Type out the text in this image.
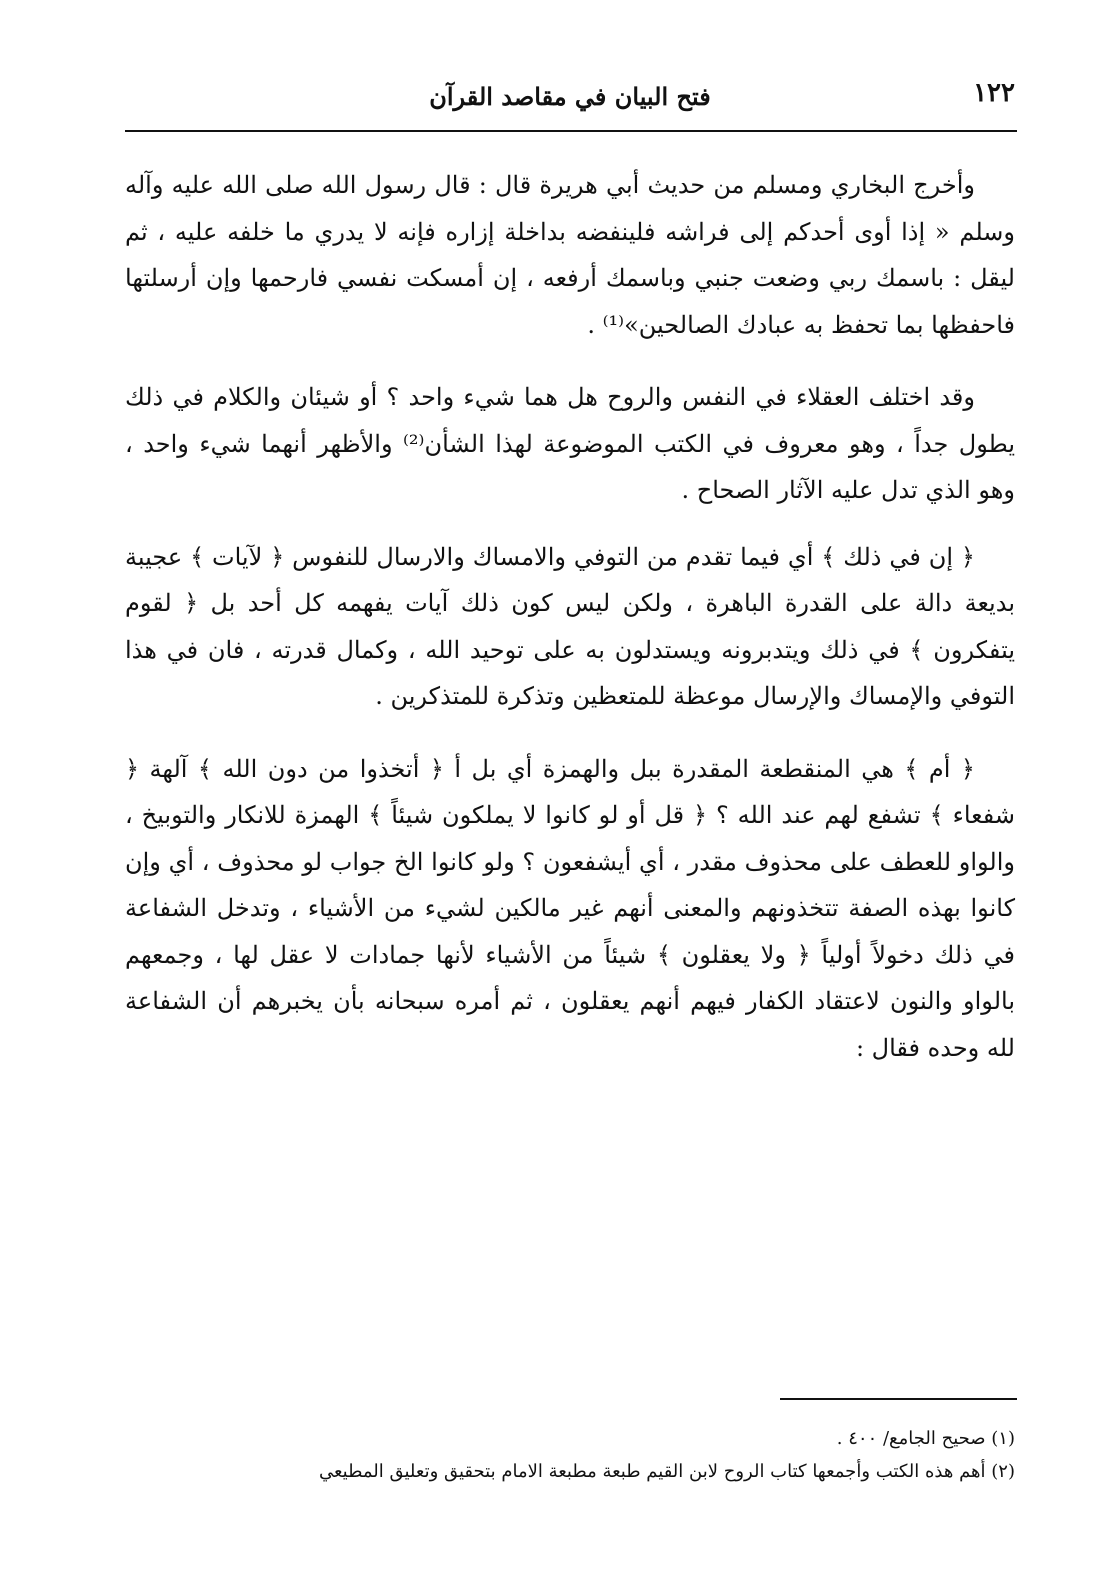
١٢٢
فتح البيان في مقاصد القرآن

وأخرج البخاري ومسلم من حديث أبي هريرة قال : قال رسول الله صلى الله عليه وآله وسلم « إذا أوى أحدكم إلى فراشه فلينفضه بداخلة إزاره فإنه لا يدري ما خلفه عليه ، ثم ليقل : باسمك ربي وضعت جنبي وباسمك أرفعه ، إن أمسكت نفسي فارحمها وإن أرسلتها فاحفظها بما تحفظ به عبادك الصالحين»⁽¹⁾ .

وقد اختلف العقلاء في النفس والروح هل هما شيء واحد ؟ أو شيئان والكلام في ذلك يطول جداً ، وهو معروف في الكتب الموضوعة لهذا الشأن⁽²⁾ والأظهر أنهما شيء واحد ، وهو الذي تدل عليه الآثار الصحاح .

﴿ إن في ذلك ﴾ أي فيما تقدم من التوفي والامساك والارسال للنفوس ﴿ لآيات ﴾ عجيبة بديعة دالة على القدرة الباهرة ، ولكن ليس كون ذلك آيات يفهمه كل أحد بل ﴿ لقوم يتفكرون ﴾ في ذلك ويتدبرونه ويستدلون به على توحيد الله ، وكمال قدرته ، فان في هذا التوفي والإمساك والإرسال موعظة للمتعظين وتذكرة للمتذكرين .

﴿ أم ﴾ هي المنقطعة المقدرة ببل والهمزة أي بل أ ﴿ أتخذوا من دون الله ﴾ آلهة ﴿ شفعاء ﴾ تشفع لهم عند الله ؟ ﴿ قل أو لو كانوا لا يملكون شيئاً ﴾ الهمزة للانكار والتوبيخ ، والواو للعطف على محذوف مقدر ، أي أيشفعون ؟ ولو كانوا الخ جواب لو محذوف ، أي وإن كانوا بهذه الصفة تتخذونهم والمعنى أنهم غير مالكين لشيء من الأشياء ، وتدخل الشفاعة في ذلك دخولاً أولياً ﴿ ولا يعقلون ﴾ شيئاً من الأشياء لأنها جمادات لا عقل لها ، وجمعهم بالواو والنون لاعتقاد الكفار فيهم أنهم يعقلون ، ثم أمره سبحانه بأن يخبرهم أن الشفاعة لله وحده فقال :

(١) صحيح الجامع/ ٤٠٠ .

(٢) أهم هذه الكتب وأجمعها كتاب الروح لابن القيم طبعة مطبعة الامام بتحقيق وتعليق المطيعي
